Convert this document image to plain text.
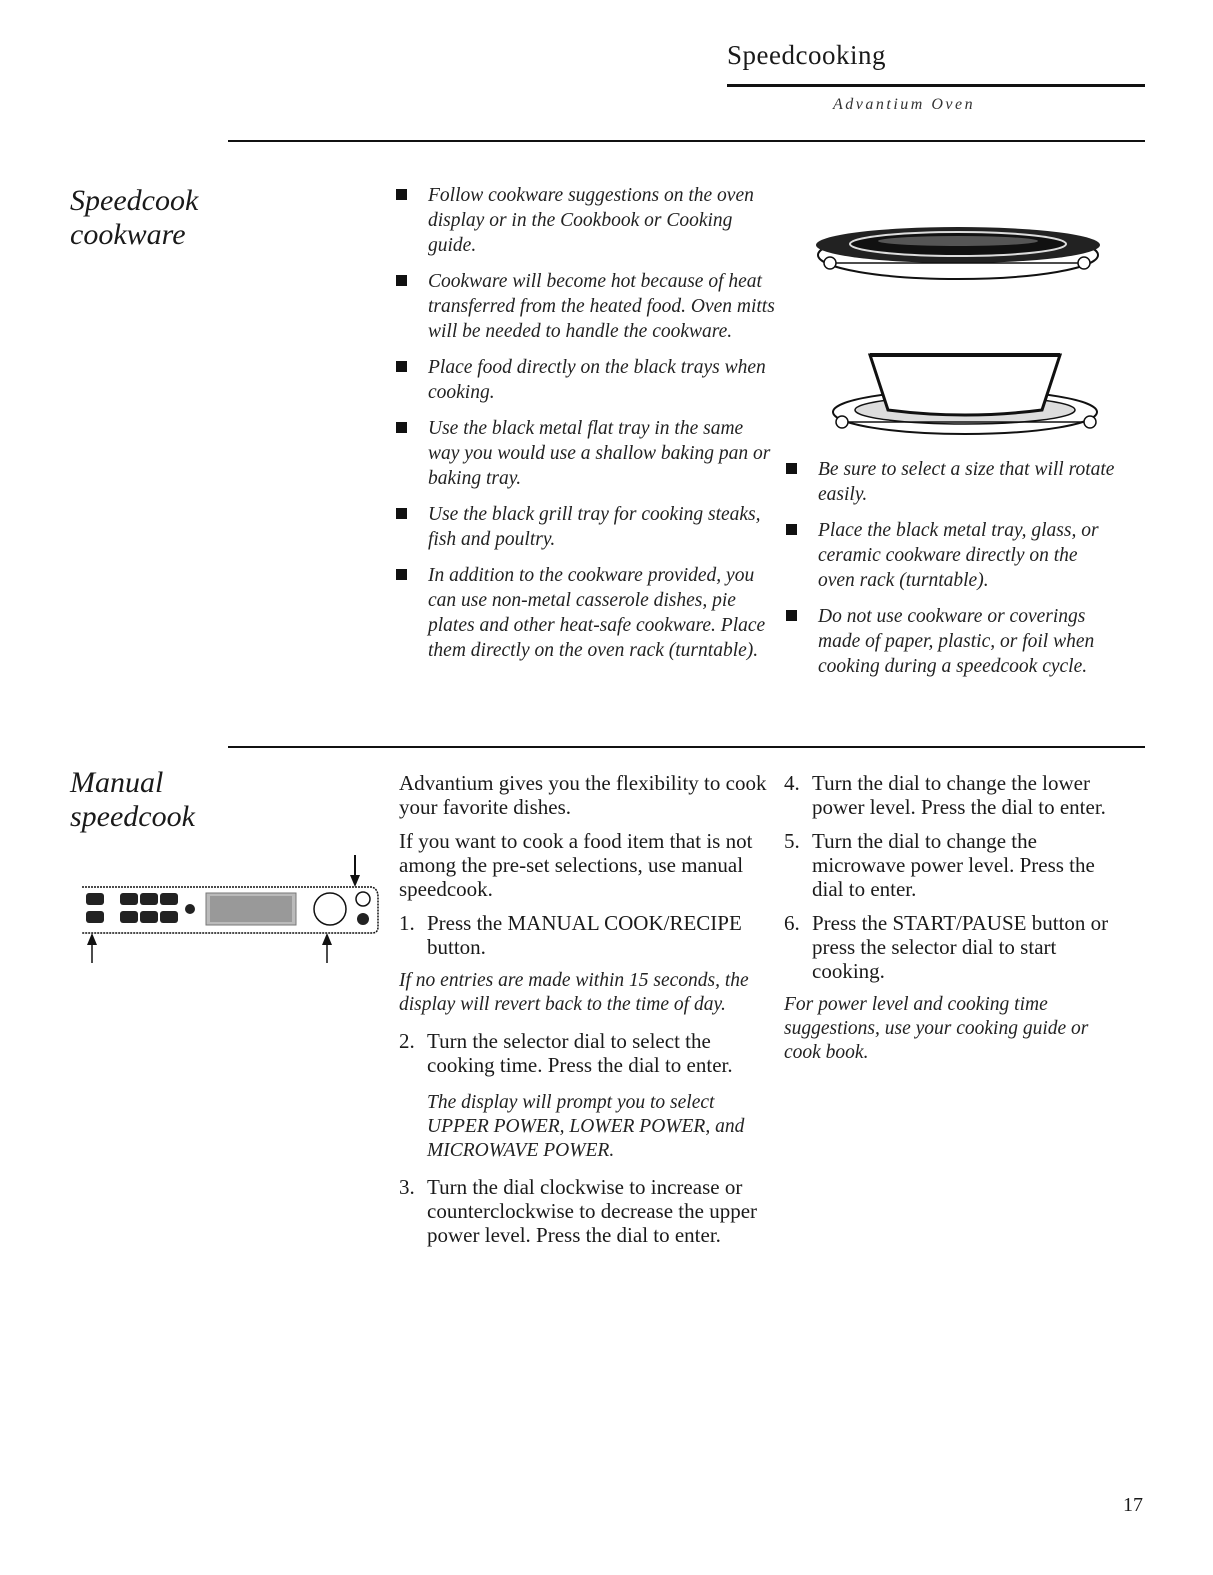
Speedcooking
Advantium Oven
Speedcook
cookware
Follow cookware suggestions on the oven display or in the Cookbook or Cooking guide.
Cookware will become hot because of heat transferred from the heated food. Oven mitts will be needed to handle the cookware.
Place food directly on the black trays when cooking.
Use the black metal flat tray in the same way you would use a shallow baking pan or baking tray.
Use the black grill tray for cooking steaks, fish and poultry.
In addition to the cookware provided, you can use non-metal casserole dishes, pie plates and other heat-safe cookware. Place them directly on the oven rack (turntable).
Be sure to select a size that will rotate easily.
Place the black metal tray, glass, or ceramic cookware directly on the oven rack (turntable).
Do not use cookware or coverings made of paper, plastic, or foil when cooking during a speedcook cycle.
Manual
speedcook

Advantium gives you the flexibility to cook your favorite dishes.

If you want to cook a food item that is not among the pre-set selections, use manual speedcook.

1. Press the MANUAL COOK/RECIPE button.

If no entries are made within 15 seconds, the display will revert back to the time of day.

2. Turn the selector dial to select the cooking time. Press the dial to enter.

The display will prompt you to select UPPER POWER, LOWER POWER, and MICROWAVE POWER.

3. Turn the dial clockwise to increase or counterclockwise to decrease the upper power level. Press the dial to enter.
4. Turn the dial to change the lower power level. Press the dial to enter.
5. Turn the dial to change the microwave power level. Press the dial to enter.
6. Press the START/PAUSE button or press the selector dial to start cooking.

For power level and cooking time suggestions, use your cooking guide or cook book.

17
